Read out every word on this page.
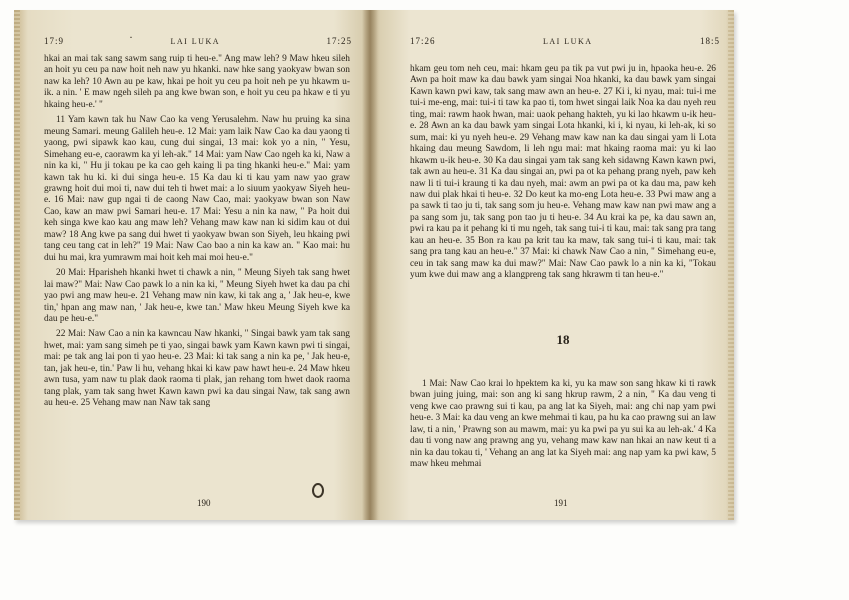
17:9	LAI LUKA	17:25
·

hkai an mai tak sang sawm sang ruip ti heu-e." Ang maw leh? 9 Maw hkeu sileh an hoit yu ceu pa naw hoit neh naw yu hkanki. naw hke sang yaokyaw bwan son naw ka leh? 10 Awn au pe kaw, hkai pe hoit yu ceu pa hoit neh pe yu hkawm u-ik. a nin. ' E maw ngeh sileh pa ang kwe bwan son, e hoit yu ceu pa hkaw e ti yu hkaing heu-e.' "

11 Yam kawn tak hu Naw Cao ka veng Yerusalehm. Naw hu pruing ka sina meung Samari. meung Galileh heu-e. 12 Mai: yam laik Naw Cao ka dau yaong ti yaong, pwi sipawk kao kau, cung dui singai, 13 mai: kok yo a nin, " Yesu, Simehang eu-e, caorawm ka yi leh-ak." 14 Mai: yam Naw Cao ngeh ka ki, Naw a nin ka ki, " Hu ji tokau pe ka cao geh kaing li pa ting hkanki heu-e." Mai: yam kawn tak hu ki. ki dui singa heu-e. 15 Ka dau ki ti kau yam naw yao graw grawng hoit dui moi ti, naw dui teh ti hwet mai: a lo siuum yaokyaw Siyeh heu-e. 16 Mai: naw gup ngai ti de caong Naw Cao, mai: yaokyaw bwan son Naw Cao, kaw an maw pwi Samari heu-e. 17 Mai: Yesu a nin ka naw, " Pa hoit dui keh singa kwe kao kau ang maw leh? Vehang maw kaw nan ki sidim kau ot dui maw? 18 Ang kwe pa sang dui hwet ti yaokyaw bwan son Siyeh, leu hkaing pwi tang ceu tang cat in leh?" 19 Mai: Naw Cao bao a nin ka kaw an. " Kao mai: hu dui hu mai, kra yumrawm mai hoit keh mai moi heu-e."

20 Mai: Hparisheh hkanki hwet ti chawk a nin, " Meung Siyeh tak sang hwet lai maw?" Mai: Naw Cao pawk lo a nin ka ki, " Meung Siyeh hwet ka dau pa chi yao pwi ang maw heu-e. 21 Vehang maw nin kaw, ki tak ang a, ' Jak heu-e, kwe tin,' hpan ang maw nan, ' Jak heu-e, kwe tan.' Maw hkeu Meung Siyeh kwe ka dau pe heu-e."

22 Mai: Naw Cao a nin ka kawncau Naw hkanki, " Singai bawk yam tak sang hwet, mai: yam sang simeh pe ti yao, singai bawk yam Kawn kawn pwi ti singai, mai: pe tak ang lai pon ti yao heu-e. 23 Mai: ki tak sang a nin ka pe, ' Jak heu-e, tan, jak heu-e, tin.' Paw li hu, vehang hkai ki kaw paw hawt heu-e. 24 Maw hkeu awn tusa, yam naw tu plak daok raoma ti plak, jan rehang tom hwet daok raoma tang plak, yam tak sang hwet Kawn kawn pwi ka dau singai Naw, tak sang awn au heu-e. 25 Vehang maw nan Naw tak sang

190
17:26	LAI LUKA	18:5

hkam geu tom neh ceu, mai: hkam geu pa tik pa vut pwi ju in, hpaoka heu-e. 26 Awn pa hoit maw ka dau bawk yam singai Noa hkanki, ka dau bawk yam singai Kawn kawn pwi kaw, tak sang maw awn an heu-e. 27 Ki i, ki nyau, mai: tui-i me tui-i me-eng, mai: tui-i ti taw ka pao ti, tom hwet singai laik Noa ka dau nyeh reu ting, mai: rawm haok hwan, mai: uaok pehang hakteh, yu ki lao hkawm u-ik heu-e. 28 Awn an ka dau bawk yam singai Lota hkanki, ki i, ki nyau, ki leh-ak, ki so sum, mai: ki yu nyeh heu-e. 29 Vehang maw kaw nan ka dau singai yam li Lota hkaing dau meung Sawdom, li leh ngu mai: mat hkaing raoma mai: yu ki lao hkawm u-ik heu-e. 30 Ka dau singai yam tak sang keh sidawng Kawn kawn pwi, tak awn au heu-e. 31 Ka dau singai an, pwi pa ot ka pehang prang nyeh, paw keh naw li ti tui-i kraung ti ka dau nyeh, mai: awm an pwi pa ot ka dau ma, paw keh naw dui plak hkai ti heu-e. 32 Do keut ka mo-eng Lota heu-e. 33 Pwi maw ang a pa sawk ti tao ju ti, tak sang som ju heu-e. Vehang maw kaw nan pwi maw ang a pa sang som ju, tak sang pon tao ju ti heu-e. 34 Au krai ka pe, ka dau sawn an, pwi ra kau pa it pehang ki ti mu ngeh, tak sang tui-i ti kau, mai: tak sang pra tang kau an heu-e. 35 Bon ra kau pa krit tau ka maw, tak sang tui-i ti kau, mai: tak sang pra tang kau an heu-e." 37 Mai: ki chawk Naw Cao a nin, " Simehang eu-e, ceu in tak sang maw ka dui maw?" Mai: Naw Cao pawk lo a nin ka ki, "Tokau yum kwe dui maw ang a klangpreng tak sang hkrawm ti tan heu-e."

18

1 Mai: Naw Cao krai lo hpektem ka ki, yu ka maw son sang hkaw ki ti rawk bwan juing juing, mai: son ang ki sang hkrup rawm, 2 a nin, " Ka dau veng ti veng kwe cao prawng sui ti kau, pa ang lat ka Siyeh, mai: ang chi nap yam pwi heu-e. 3 Mai: ka dau veng an kwe mehmai ti kau, pa hu ka cao prawng sui an law law, ti a nin, ' Prawng son au mawm, mai: yu ka pwi pa yu sui ka au leh-ak.' 4 Ka dau ti vong naw ang prawng ang yu, vehang maw kaw nan hkai an naw keut ti a nin ka dau tokau ti, ' Vehang an ang lat ka Siyeh mai: ang nap yam ka pwi kaw, 5 maw hkeu mehmai

191
